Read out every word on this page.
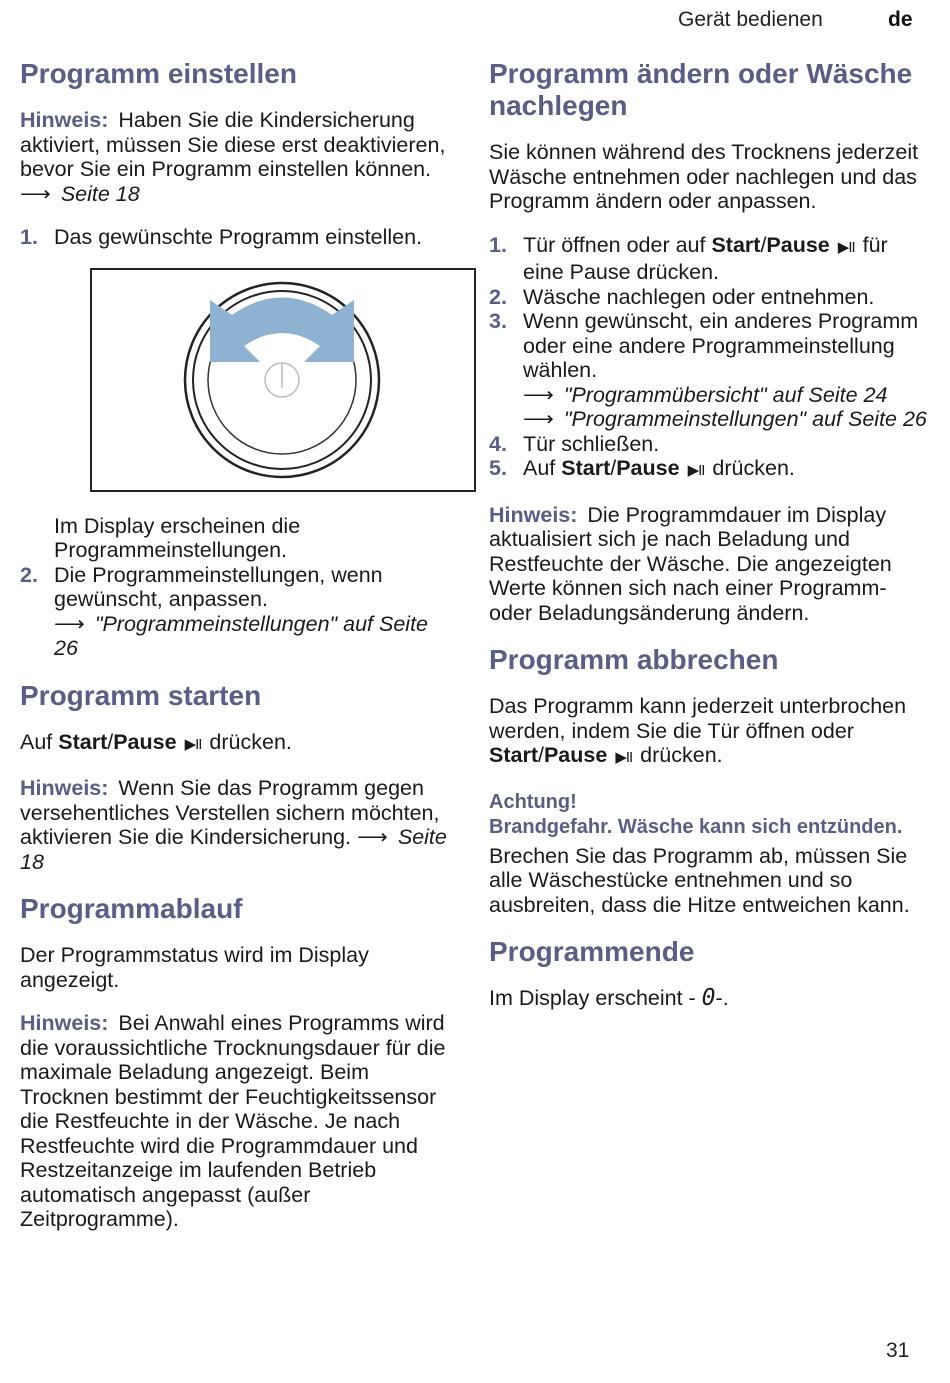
Gerät bedienen	de
Programm einstellen

Hinweis: Haben Sie die Kindersicherung aktiviert, müssen Sie diese erst deaktivieren, bevor Sie ein Programm einstellen können. ⟶ Seite 18

1. Das gewünschte Programm einstellen.
Im Display erscheinen die Programmeinstellungen.
2. Die Programmeinstellungen, wenn gewünscht, anpassen.
⟶ "Programmeinstellungen" auf Seite 26
Programm starten

Auf Start/Pause ▶II drücken.

Hinweis: Wenn Sie das Programm gegen versehentliches Verstellen sichern möchten, aktivieren Sie die Kindersicherung. ⟶ Seite 18

Programmablauf

Der Programmstatus wird im Display angezeigt.

Hinweis: Bei Anwahl eines Programms wird die voraussichtliche Trocknungsdauer für die maximale Beladung angezeigt. Beim Trocknen bestimmt der Feuchtigkeitssensor die Restfeuchte in der Wäsche. Je nach Restfeuchte wird die Programmdauer und Restzeitanzeige im laufenden Betrieb automatisch angepasst (außer Zeitprogramme).

Programm ändern oder Wäsche nachlegen

Sie können während des Trocknens jederzeit Wäsche entnehmen oder nachlegen und das Programm ändern oder anpassen.

1. Tür öffnen oder auf Start/Pause ▶II für eine Pause drücken.
2. Wäsche nachlegen oder entnehmen.
3. Wenn gewünscht, ein anderes Programm oder eine andere Programmeinstellung wählen.
⟶ "Programmübersicht" auf Seite 24
⟶ "Programmeinstellungen" auf Seite 26
4. Tür schließen.
5. Auf Start/Pause ▶II drücken.

Hinweis: Die Programmdauer im Display aktualisiert sich je nach Beladung und Restfeuchte der Wäsche. Die angezeigten Werte können sich nach einer Programm- oder Beladungsänderung ändern.

Programm abbrechen

Das Programm kann jederzeit unterbrochen werden, indem Sie die Tür öffnen oder Start/Pause ▶II drücken.

Achtung!

Brandgefahr. Wäsche kann sich entzünden.

Brechen Sie das Programm ab, müssen Sie alle Wäschestücke entnehmen und so ausbreiten, dass die Hitze entweichen kann.

Programmende

Im Display erscheint - 0-.

31
